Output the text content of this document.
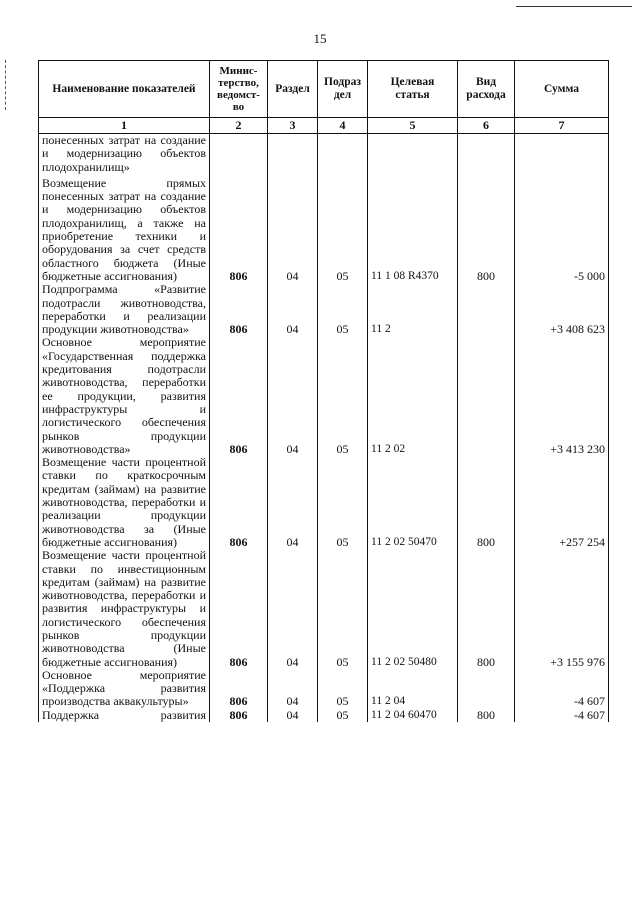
15
Наименование показателей	Минис-
терство,
ведомст-
во	Раздел	Подраз
дел	Целевая
статья	Вид
расхода	Сумма
1	2	3	4	5	6	7
понесенных затрат на создание и модернизацию объектов плодохранилищ»						
Возмещение прямых понесенных затрат на создание и модернизацию объектов плодохранилищ, а также на приобретение техники и оборудования за счет средств областного бюджета (Иные бюджетные ассигнования)	806	04	05	11 1 08 R4370	800	-5 000
Подпрограмма «Развитие подотрасли животноводства, переработки и реализации продукции животноводства»	806	04	05	11 2		+3 408 623
Основное мероприятие «Государственная поддержка кредитования подотрасли животноводства, переработки ее продукции, развития инфраструктуры и логистического обеспечения рынков продукции животноводства»	806	04	05	11 2 02		+3 413 230
Возмещение части процентной ставки по краткосрочным кредитам (займам) на развитие животноводства, переработки и реализации продукции животноводства за (Иные бюджетные ассигнования)	806	04	05	11 2 02 50470	800	+257 254
Возмещение части процентной ставки по инвестиционным кредитам (займам) на развитие животноводства, переработки и развития инфраструктуры и логистического обеспечения рынков продукции животноводства (Иные бюджетные ассигнования)	806	04	05	11 2 02 50480	800	+3 155 976
Основное мероприятие «Поддержка развития производства аквакультуры»	806	04	05	11 2 04		-4 607
Поддержка развития	806	04	05	11 2 04 60470	800	-4 607
